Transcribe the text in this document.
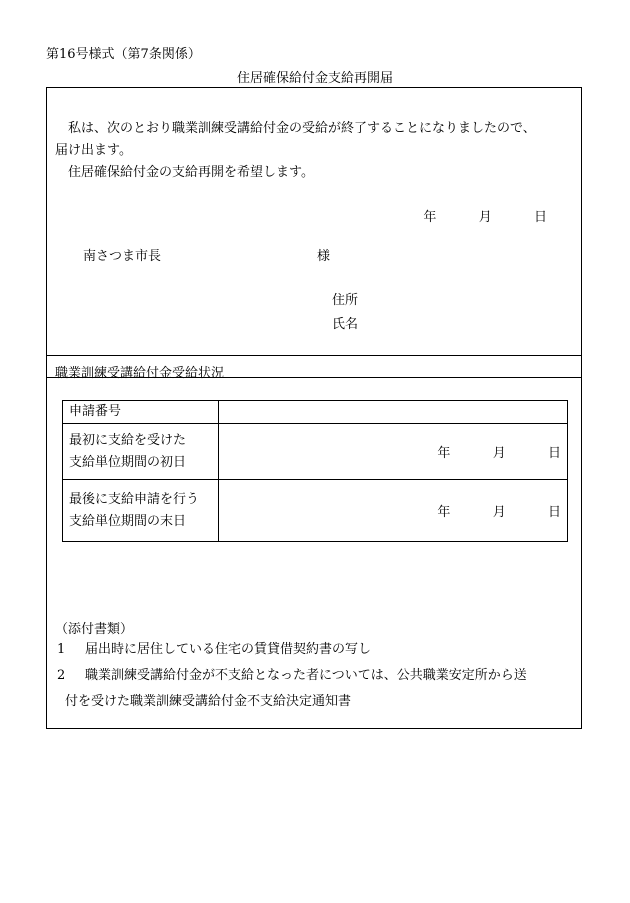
第16号様式（第7条関係）
住居確保給付金支給再開届

私は、次のとおり職業訓練受講給付金の受給が終了することになりましたので、

届け出ます。

住居確保給付金の支給再開を希望します。

年	月	日
南さつま市長	様
住所
氏名
職業訓練受講給付金受給状況
申請番号	

最初に支給を受けた
支給単位期間の初日	年 月 日

最後に支給申請を行う
支給単位期間の末日	年 月 日
（添付書類）
1 届出時に居住している住宅の賃貸借契約書の写し
2 職業訓練受講給付金が不支給となった者については、公共職業安定所から送
付を受けた職業訓練受講給付金不支給決定通知書
